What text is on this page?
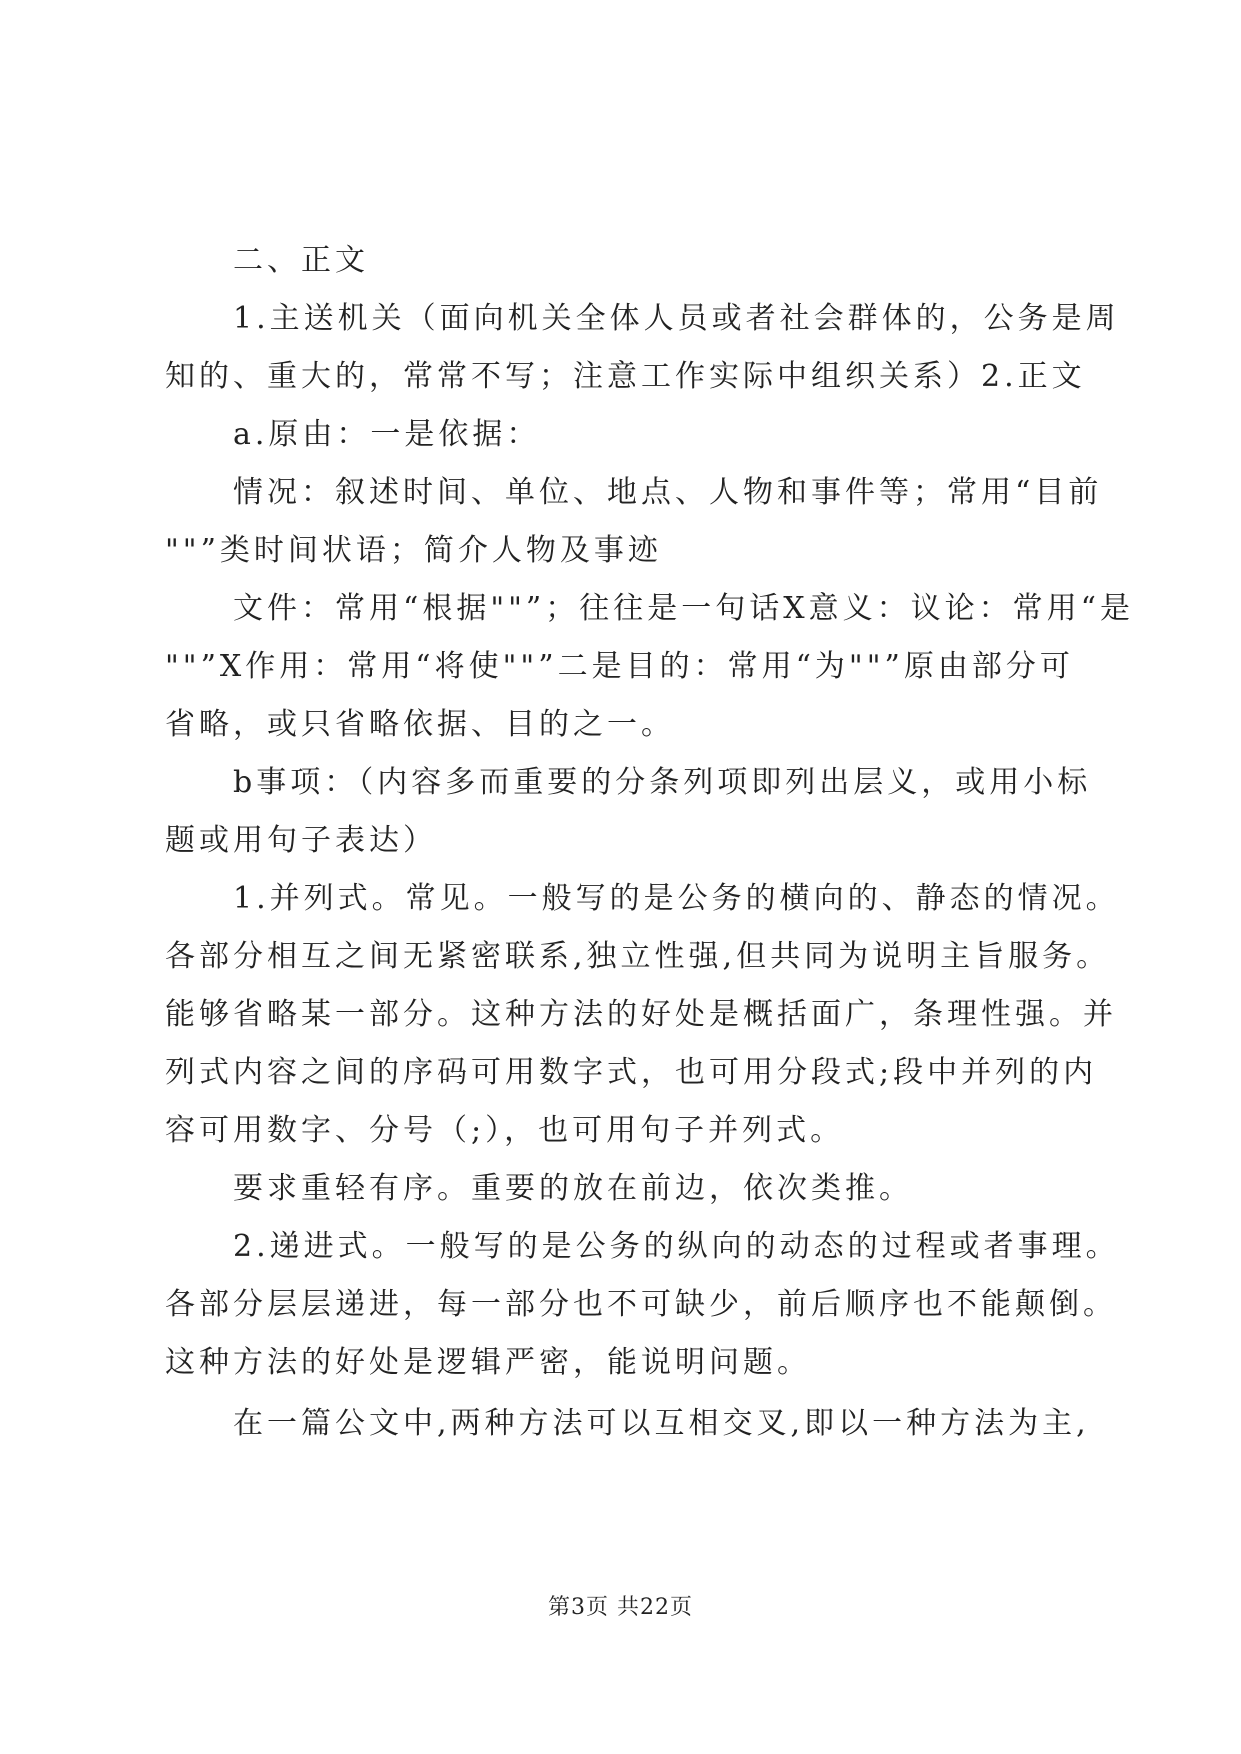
二、正文
1.主送机关（面向机关全体人员或者社会群体的，公务是周
知的、重大的，常常不写；注意工作实际中组织关系）2.正文
a.原由：一是依据：
情况：叙述时间、单位、地点、人物和事件等；常用“目前
""”类时间状语；简介人物及事迹
文件：常用“根据""”；往往是一句话X意义：议论：常用“是
""”X作用：常用“将使""”二是目的：常用“为""”原由部分可
省略，或只省略依据、目的之一。
b事项：（内容多而重要的分条列项即列出层义，或用小标
题或用句子表达）
1.并列式。常见。一般写的是公务的横向的、静态的情况。
各部分相互之间无紧密联系,独立性强,但共同为说明主旨服务。
能够省略某一部分。这种方法的好处是概括面广，条理性强。并
列式内容之间的序码可用数字式，也可用分段式;段中并列的内
容可用数字、分号（;），也可用句子并列式。
要求重轻有序。重要的放在前边，依次类推。
2.递进式。一般写的是公务的纵向的动态的过程或者事理。
各部分层层递进，每一部分也不可缺少，前后顺序也不能颠倒。
这种方法的好处是逻辑严密，能说明问题。
在一篇公文中,两种方法可以互相交叉,即以一种方法为主,
第3页 共22页
